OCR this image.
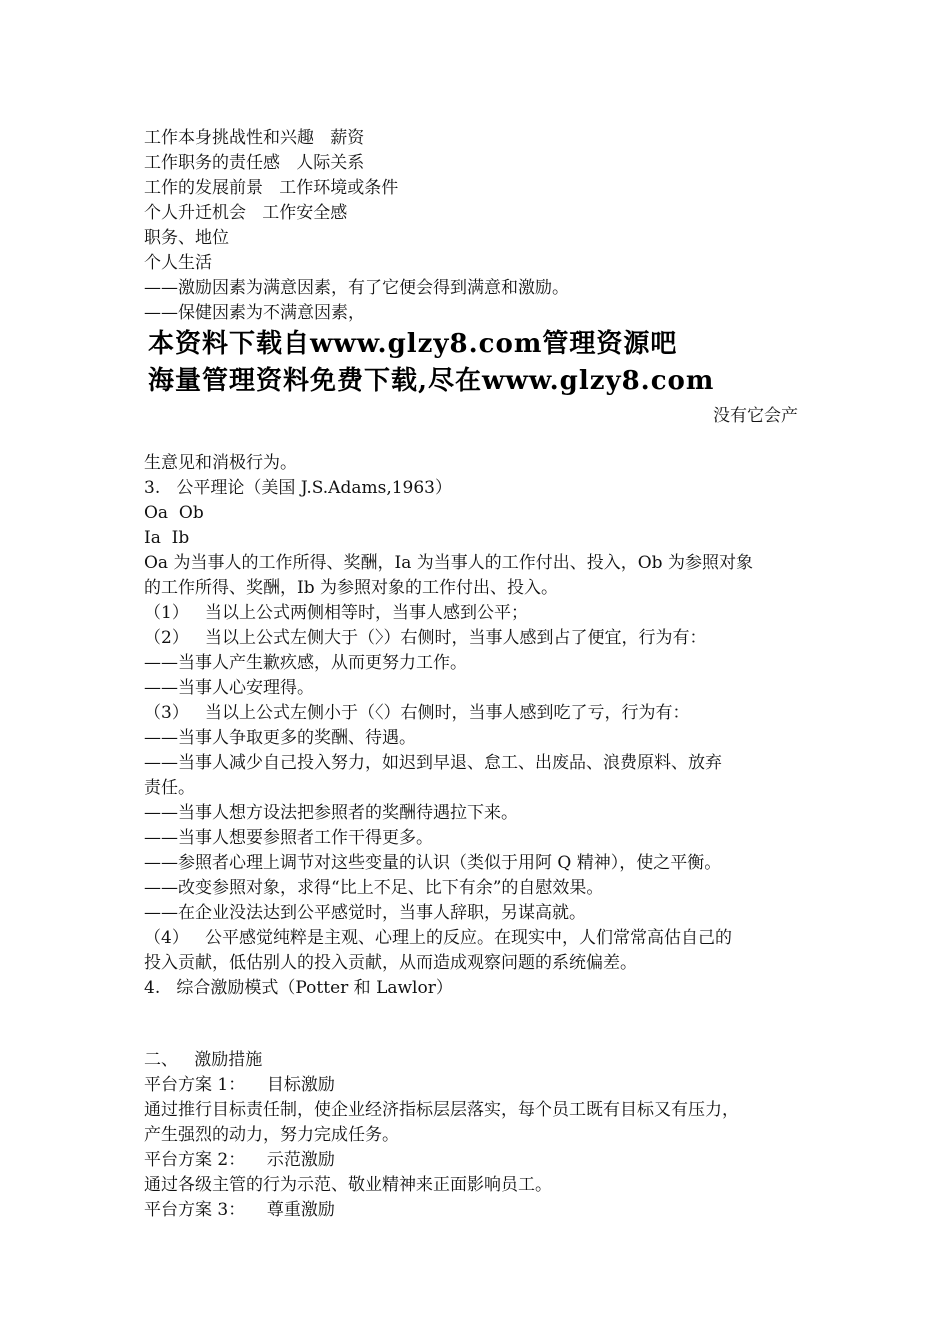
工作本身挑战性和兴趣   薪资
工作职务的责任感   人际关系
工作的发展前景   工作环境或条件
个人升迁机会   工作安全感
职务、地位
个人生活
——激励因素为满意因素，有了它便会得到满意和激励。
——保健因素为不满意因素，
本资料下载自www.glzy8.com管理资源吧
海量管理资料免费下载,尽在www.glzy8.com
没有它会产
生意见和消极行为。
3.   公平理论（美国 J.S.Adams,1963）
Oa  Ob
Ia  Ib
Oa 为当事人的工作所得、奖酬，Ia 为当事人的工作付出、投入，Ob 为参照对象
的工作所得、奖酬，Ib 为参照对象的工作付出、投入。
（1）   当以上公式两侧相等时，当事人感到公平；
（2）   当以上公式左侧大于（〉）右侧时，当事人感到占了便宜，行为有：
——当事人产生歉疚感，从而更努力工作。
——当事人心安理得。
（3）   当以上公式左侧小于（〈）右侧时，当事人感到吃了亏，行为有：
——当事人争取更多的奖酬、待遇。
——当事人减少自己投入努力，如迟到早退、怠工、出废品、浪费原料、放弃
责任。
——当事人想方设法把参照者的奖酬待遇拉下来。
——当事人想要参照者工作干得更多。
——参照者心理上调节对这些变量的认识（类似于用阿 Q 精神），使之平衡。
——改变参照对象，求得“比上不足、比下有余”的自慰效果。
——在企业没法达到公平感觉时，当事人辞职，另谋高就。
（4）   公平感觉纯粹是主观、心理上的反应。在现实中，人们常常高估自己的
投入贡献，低估别人的投入贡献，从而造成观察问题的系统偏差。
4.   综合激励模式（Potter 和 Lawlor）
二、   激励措施
平台方案 1：    目标激励
通过推行目标责任制，使企业经济指标层层落实，每个员工既有目标又有压力，
产生强烈的动力，努力完成任务。
平台方案 2：    示范激励
通过各级主管的行为示范、敬业精神来正面影响员工。
平台方案 3：    尊重激励
